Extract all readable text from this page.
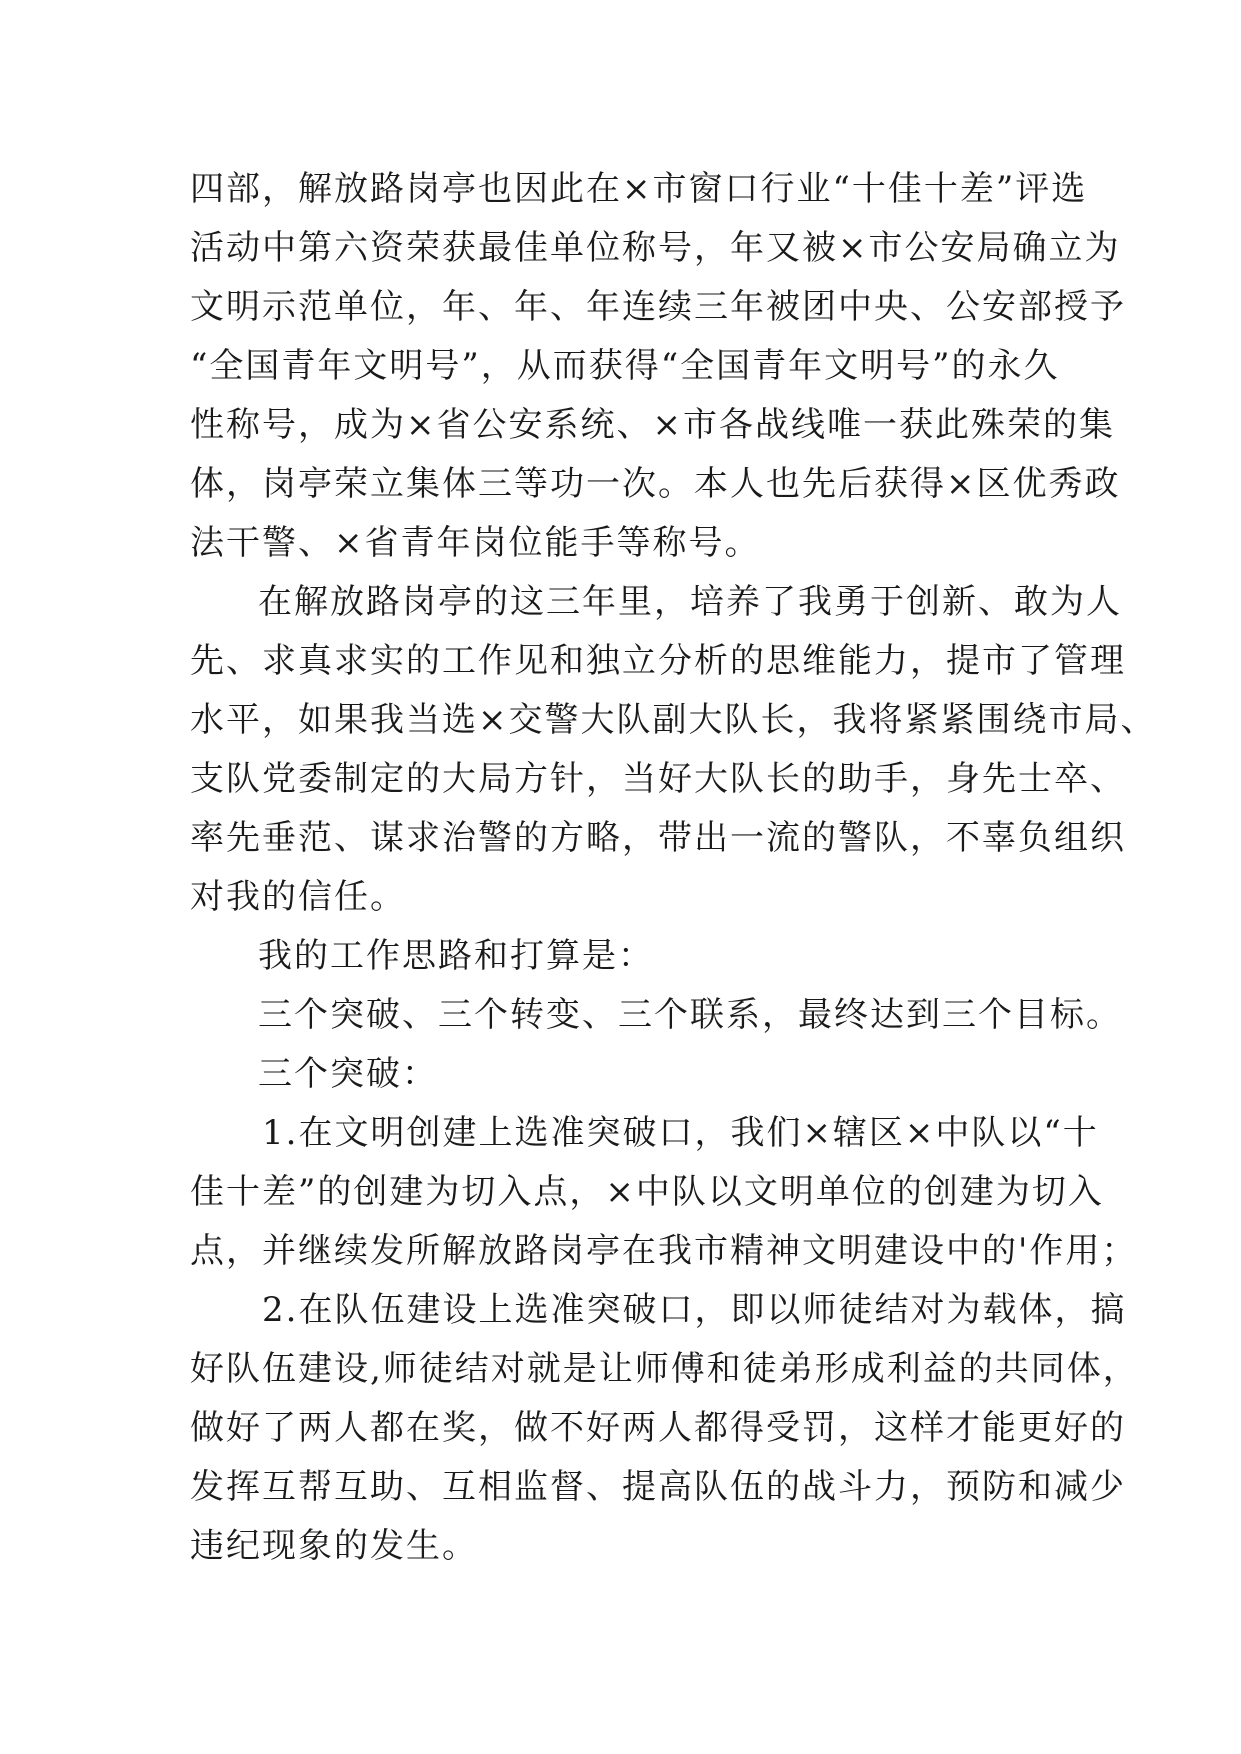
四部，解放路岗亭也因此在×市窗口行业“十佳十差”评选
活动中第六资荣获最佳单位称号，年又被×市公安局确立为
文明示范单位，年、年、年连续三年被团中央、公安部授予
“全国青年文明号”，从而获得“全国青年文明号”的永久
性称号，成为×省公安系统、×市各战线唯一获此殊荣的集
体，岗亭荣立集体三等功一次。本人也先后获得×区优秀政
法干警、×省青年岗位能手等称号。
在解放路岗亭的这三年里，培养了我勇于创新、敢为人
先、求真求实的工作见和独立分析的思维能力，提市了管理
水平，如果我当选×交警大队副大队长，我将紧紧围绕市局、
支队党委制定的大局方针，当好大队长的助手，身先士卒、
率先垂范、谋求治警的方略，带出一流的警队，不辜负组织
对我的信任。
我的工作思路和打算是：
三个突破、三个转变、三个联系，最终达到三个目标。
三个突破：
1.在文明创建上选准突破口，我们×辖区×中队以“十
佳十差”的创建为切入点，×中队以文明单位的创建为切入
点，并继续发所解放路岗亭在我市精神文明建设中的'作用；
2.在队伍建设上选准突破口，即以师徒结对为载体，搞
好队伍建设,师徒结对就是让师傅和徒弟形成利益的共同体，
做好了两人都在奖，做不好两人都得受罚，这样才能更好的
发挥互帮互助、互相监督、提高队伍的战斗力，预防和减少
违纪现象的发生。
